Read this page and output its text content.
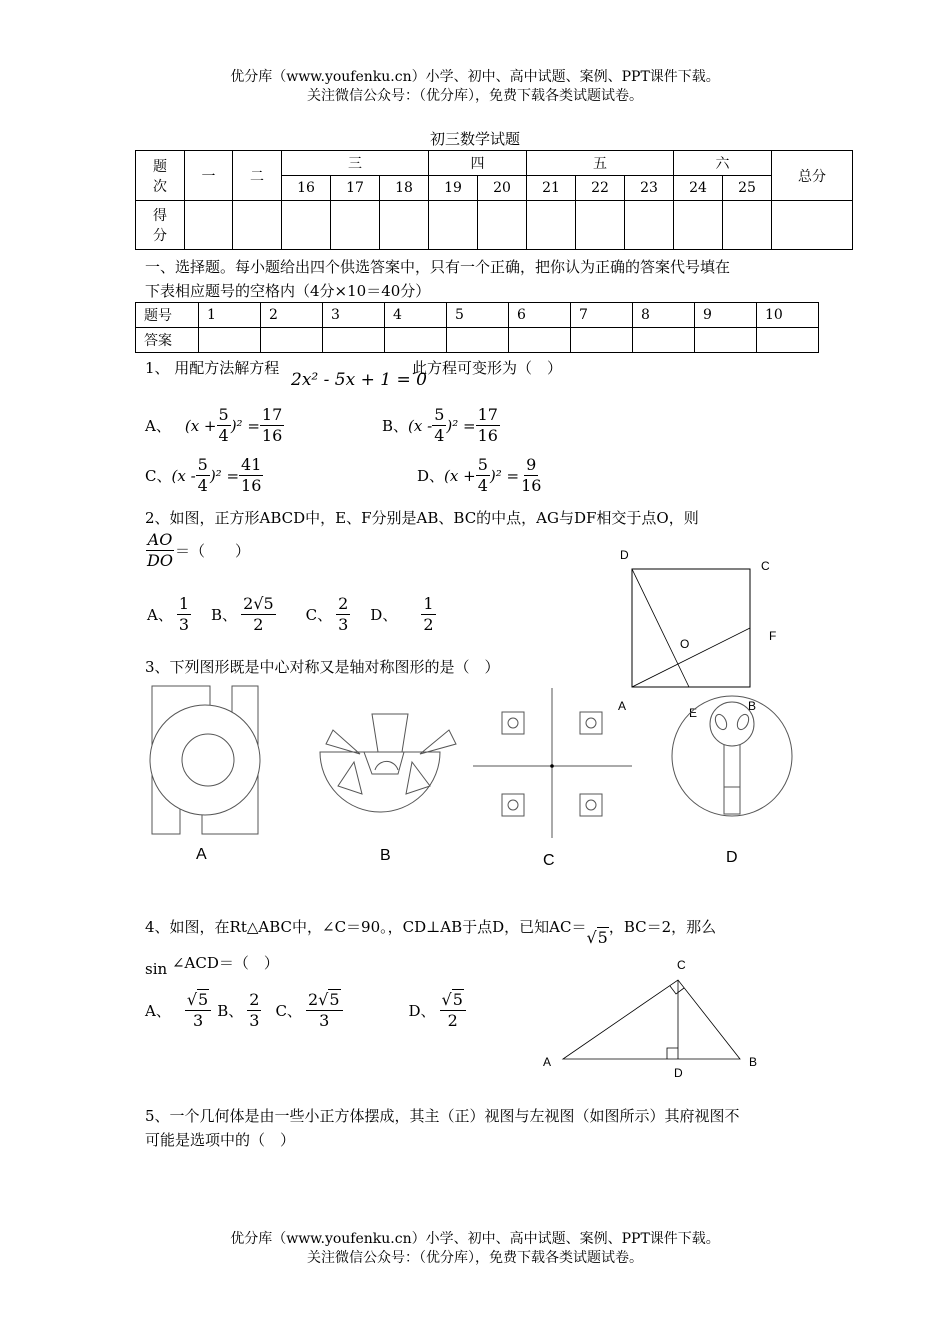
优分库（www.youfenku.cn）小学、初中、高中试题、案例、PPT课件下载。
关注微信公众号：（优分库），免费下载各类试题试卷。
初三数学试题
题
次	一	二	三			四		五			六		总分
			16	17	18	19	20	21	22	23	24	25	

得
分													

一、选择题。每小题给出四个供选答案中，只有一个正确，把你认为正确的答案代号填在
下表相应题号的空格内（4分×10＝40分）
题号	1	2	3	4	5	6	7	8	9	10
答案										
1、 用配方法解方程
2x² - 5x + 1 = 0
此方程可变形为（　）
A、 $(x + \frac{5}{4} )^2 = \frac{17}{16}$	B、 $(x - \frac{5}{4} )^2 = \frac{17}{16}$
C、 $(x - \frac{5}{4} )^2 = \frac{41}{16}$	D、 $(x + \frac{5}{4} )^2 = \frac{9}{16}$
2、如图，正方形ABCD中，E、F分别是AB、BC的中点，AG与DF相交于点O，则
$\frac{AO}{DO}$ ＝（　　）
A、 $\frac{1}{3}$ B、 $\frac{2√5}{2}$ C、 $\frac{2}{3}$ D、 $\frac{1}{2}$
D
C
F
O
A	E	B
3、下列图形既是中心对称又是轴对称图形的是（　）
A	B	C	D
4、如图，在Rt△ABC中，∠C＝90。，CD⊥AB于点D，已知AC＝
√5
，BC＝2，那么
sin ∠ACD＝（　）
A、 $\frac{√5}{3}$ B、 $\frac{2}{3}$ C、 $\frac{2√5}{3}$	D、 $\frac{√5}{2}$
C
A
D
B
5、一个几何体是由一些小正方体摆成，其主（正）视图与左视图（如图所示）其府视图不
可能是选项中的（　）
优分库（www.youfenku.cn）小学、初中、高中试题、案例、PPT课件下载。
关注微信公众号：（优分库），免费下载各类试题试卷。
